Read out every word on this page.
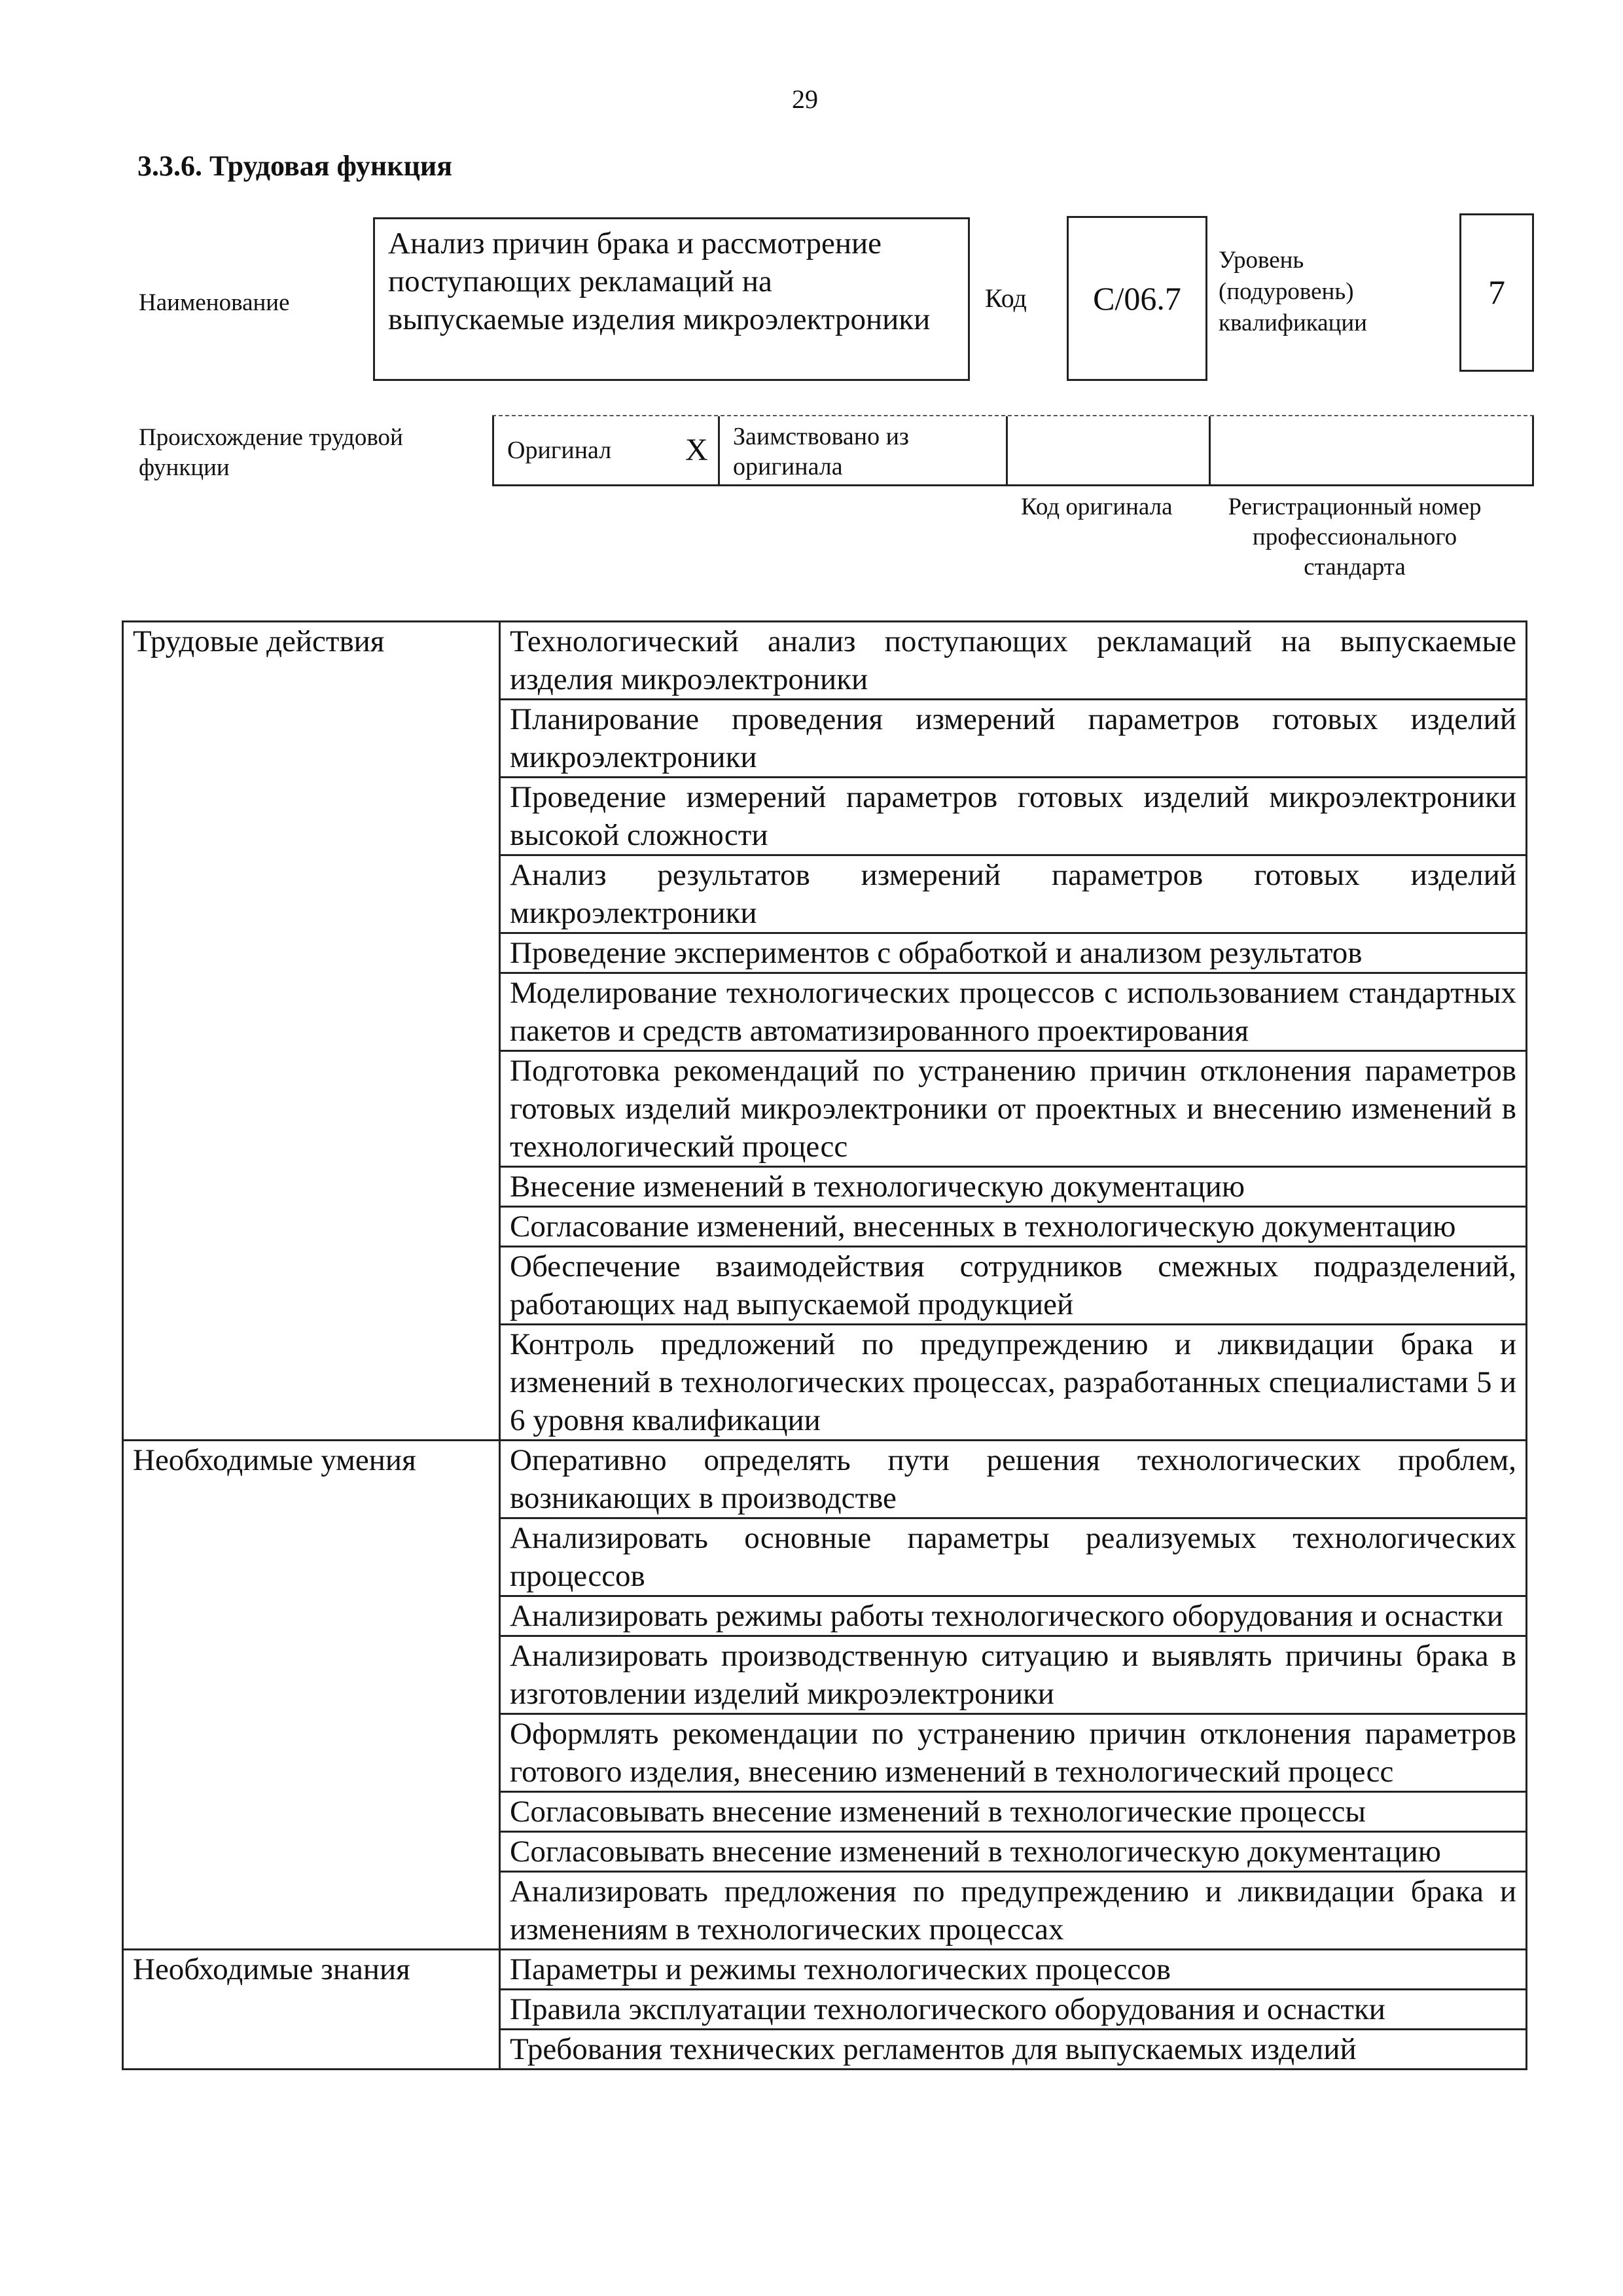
29
3.3.6. Трудовая функция
Наименование
Анализ причин брака и рассмотрение поступающих рекламаций на выпускаемые изделия микроэлектроники
Код С/06.7
Уровень (подуровень) квалификации
7
Происхождение трудовой функции
Оригинал X Заимствовано из оригинала
Код оригинала	Регистрационный номер профессионального стандарта
Трудовые действия	Технологический анализ поступающих рекламаций на выпускаемые изделия микроэлектроники
	Планирование проведения измерений параметров готовых изделий микроэлектроники
	Проведение измерений параметров готовых изделий микроэлектроники высокой сложности
	Анализ результатов измерений параметров готовых изделий микроэлектроники
	Проведение экспериментов с обработкой и анализом результатов
	Моделирование технологических процессов с использованием стандартных пакетов и средств автоматизированного проектирования
	Подготовка рекомендаций по устранению причин отклонения параметров готовых изделий микроэлектроники от проектных и внесению изменений в технологический процесс
	Внесение изменений в технологическую документацию
	Согласование изменений, внесенных в технологическую документацию
	Обеспечение взаимодействия сотрудников смежных подразделений, работающих над выпускаемой продукцией
	Контроль предложений по предупреждению и ликвидации брака и изменений в технологических процессах, разработанных специалистами 5 и 6 уровня квалификации
Необходимые умения	Оперативно определять пути решения технологических проблем, возникающих в производстве
	Анализировать основные параметры реализуемых технологических процессов
	Анализировать режимы работы технологического оборудования и оснастки
	Анализировать производственную ситуацию и выявлять причины брака в изготовлении изделий микроэлектроники
	Оформлять рекомендации по устранению причин отклонения параметров готового изделия, внесению изменений в технологический процесс
	Согласовывать внесение изменений в технологические процессы
	Согласовывать внесение изменений в технологическую документацию
	Анализировать предложения по предупреждению и ликвидации брака и изменениям в технологических процессах
Необходимые знания	Параметры и режимы технологических процессов
	Правила эксплуатации технологического оборудования и оснастки
	Требования технических регламентов для выпускаемых изделий
